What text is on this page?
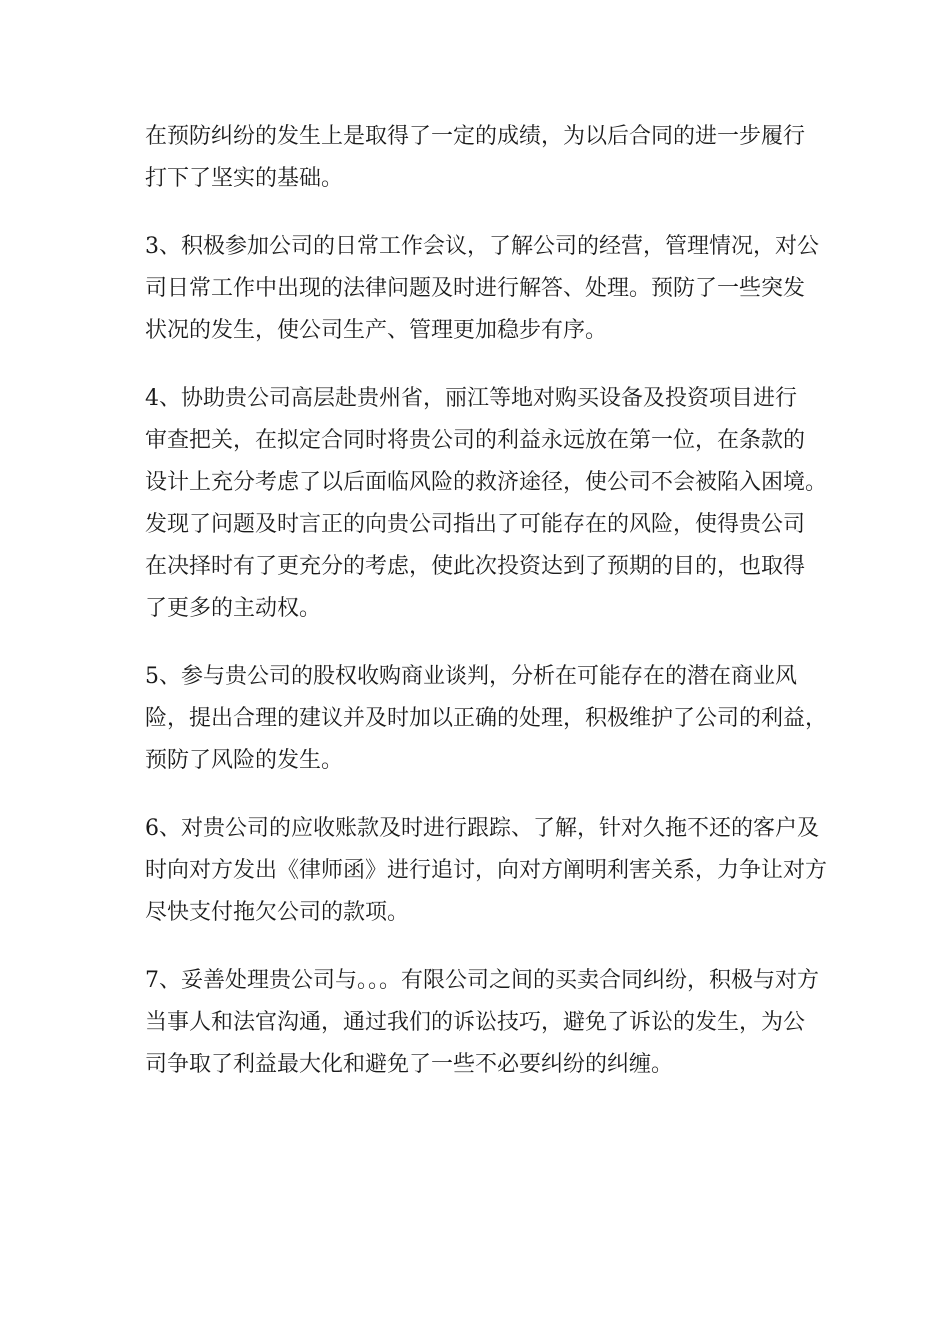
在预防纠纷的发生上是取得了一定的成绩，为以后合同的进一步履行
打下了坚实的基础。

3、积极参加公司的日常工作会议，了解公司的经营，管理情况，对公
司日常工作中出现的法律问题及时进行解答、处理。预防了一些突发
状况的发生，使公司生产、管理更加稳步有序。

4、协助贵公司高层赴贵州省，丽江等地对购买设备及投资项目进行
审查把关，在拟定合同时将贵公司的利益永远放在第一位，在条款的
设计上充分考虑了以后面临风险的救济途径，使公司不会被陷入困境。
发现了问题及时言正的向贵公司指出了可能存在的风险，使得贵公司
在决择时有了更充分的考虑，使此次投资达到了预期的目的，也取得
了更多的主动权。

5、参与贵公司的股权收购商业谈判，分析在可能存在的潜在商业风
险，提出合理的建议并及时加以正确的处理，积极维护了公司的利益，
预防了风险的发生。

6、对贵公司的应收账款及时进行跟踪、了解，针对久拖不还的客户及
时向对方发出《律师函》进行追讨，向对方阐明利害关系，力争让对方
尽快支付拖欠公司的款项。

7、妥善处理贵公司与。。。有限公司之间的买卖合同纠纷，积极与对方
当事人和法官沟通，通过我们的诉讼技巧，避免了诉讼的发生，为公
司争取了利益最大化和避免了一些不必要纠纷的纠缠。
